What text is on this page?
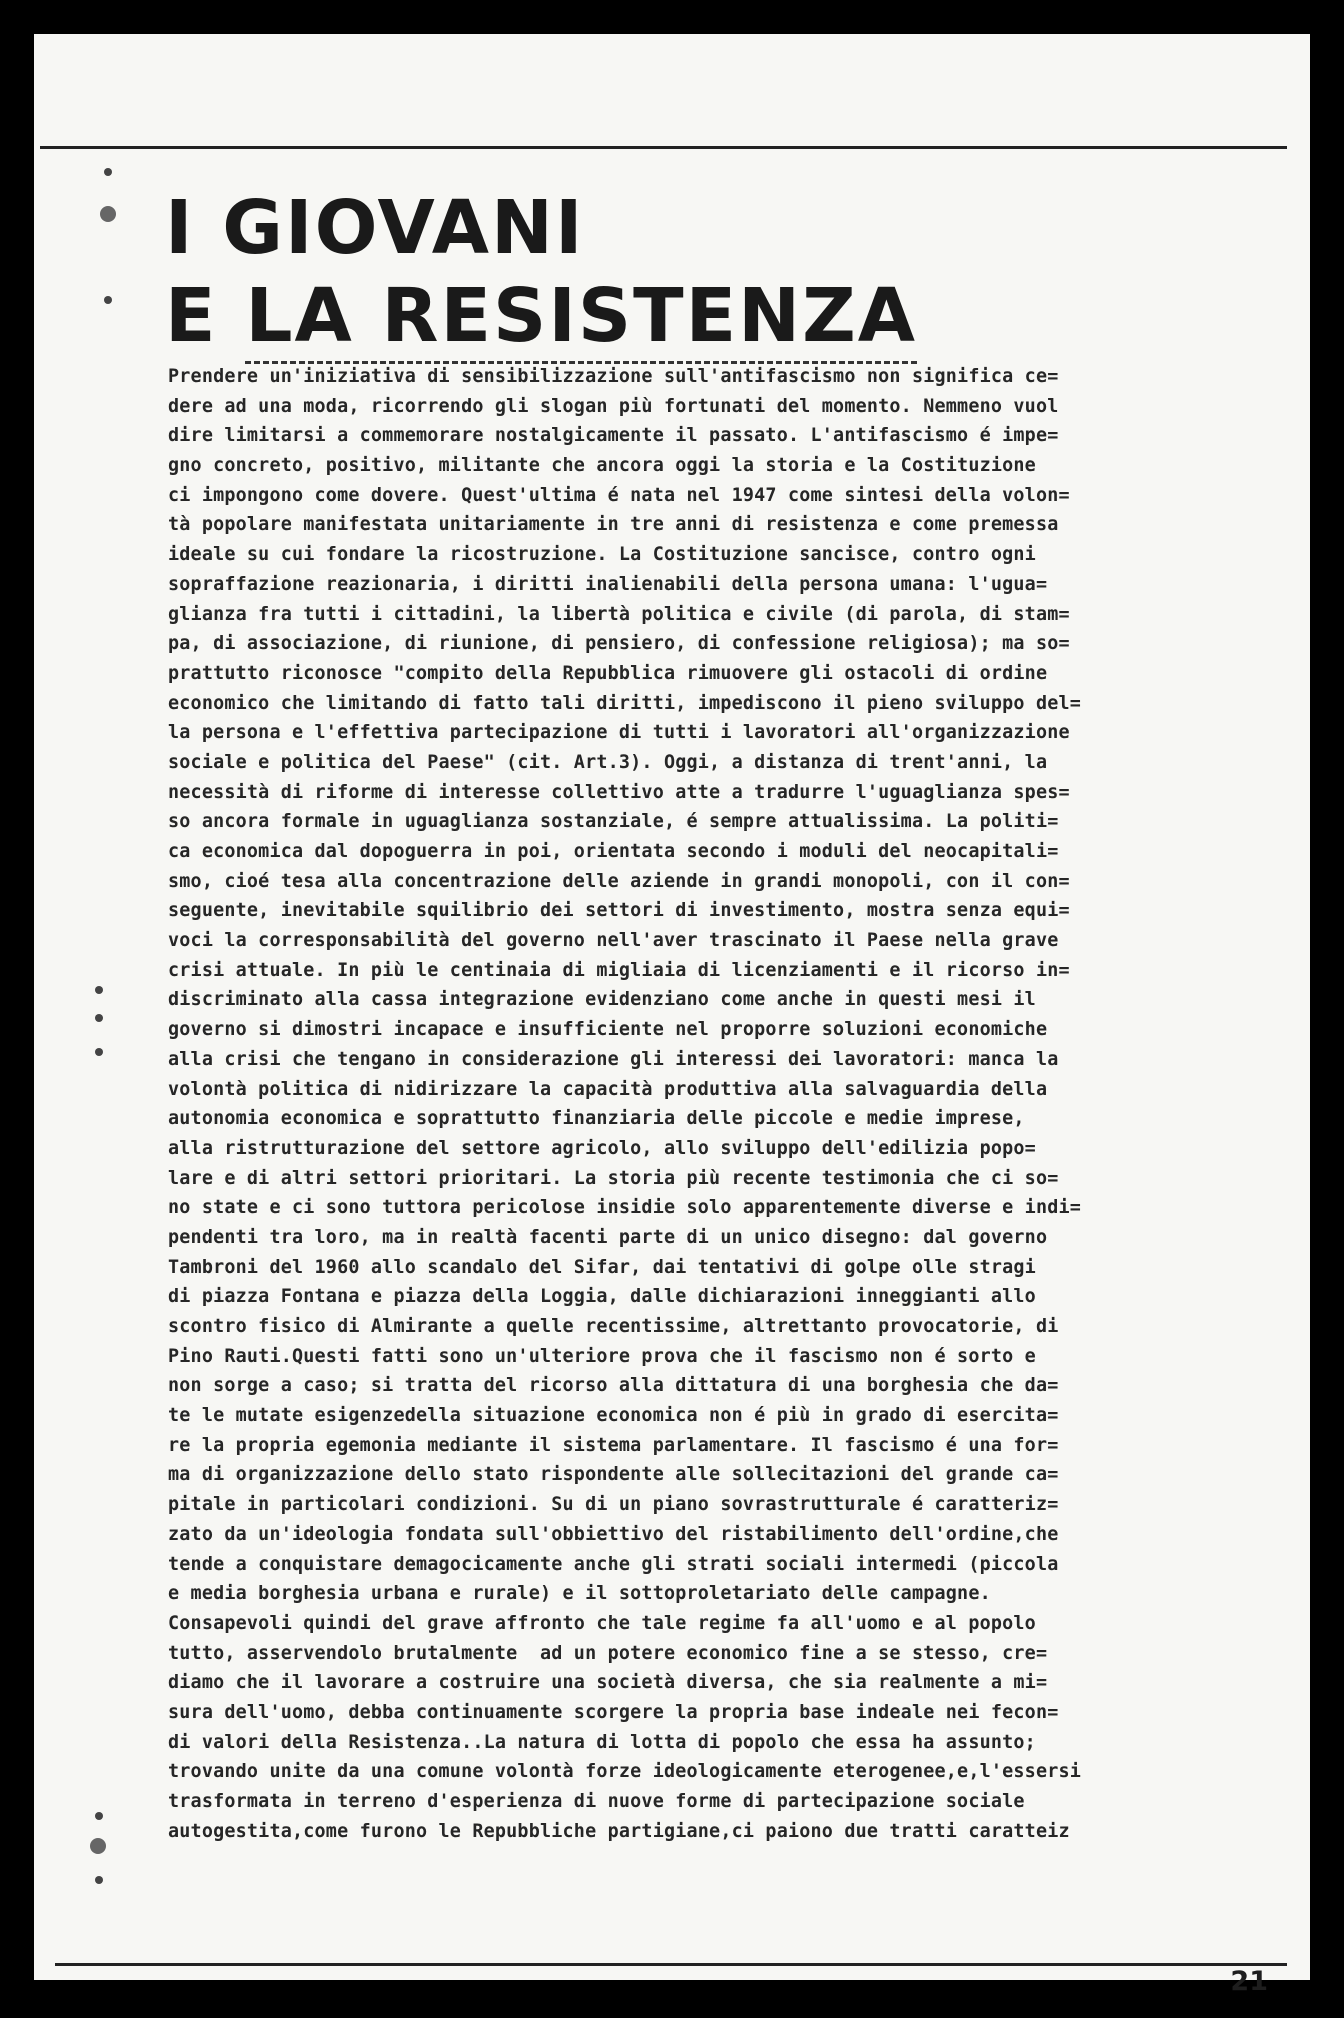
I GIOVANI
E LA RESISTENZA
Prendere un'iniziativa di sensibilizzazione sull'antifascismo non significa ce=
dere ad una moda, ricorrendo gli slogan più fortunati del momento. Nemmeno vuol
dire limitarsi a commemorare nostalgicamente il passato. L'antifascismo é impe=
gno concreto, positivo, militante che ancora oggi la storia e la Costituzione
ci impongono come dovere. Quest'ultima é nata nel 1947 come sintesi della volon=
tà popolare manifestata unitariamente in tre anni di resistenza e come premessa
ideale su cui fondare la ricostruzione. La Costituzione sancisce, contro ogni
sopraffazione reazionaria, i diritti inalienabili della persona umana: l'ugua=
glianza fra tutti i cittadini, la libertà politica e civile (di parola, di stam=
pa, di associazione, di riunione, di pensiero, di confessione religiosa); ma so=
prattutto riconosce "compito della Repubblica rimuovere gli ostacoli di ordine
economico che limitando di fatto tali diritti, impediscono il pieno sviluppo del=
la persona e l'effettiva partecipazione di tutti i lavoratori all'organizzazione
sociale e politica del Paese" (cit. Art.3). Oggi, a distanza di trent'anni, la
necessità di riforme di interesse collettivo atte a tradurre l'uguaglianza spes=
so ancora formale in uguaglianza sostanziale, é sempre attualissima. La politi=
ca economica dal dopoguerra in poi, orientata secondo i moduli del neocapitali=
smo, cioé tesa alla concentrazione delle aziende in grandi monopoli, con il con=
seguente, inevitabile squilibrio dei settori di investimento, mostra senza equi=
voci la corresponsabilità del governo nell'aver trascinato il Paese nella grave
crisi attuale. In più le centinaia di migliaia di licenziamenti e il ricorso in=
discriminato alla cassa integrazione evidenziano come anche in questi mesi il
governo si dimostri incapace e insufficiente nel proporre soluzioni economiche
alla crisi che tengano in considerazione gli interessi dei lavoratori: manca la
volontà politica di nidirizzare la capacità produttiva alla salvaguardia della
autonomia economica e soprattutto finanziaria delle piccole e medie imprese,
alla ristrutturazione del settore agricolo, allo sviluppo dell'edilizia popo=
lare e di altri settori prioritari. La storia più recente testimonia che ci so=
no state e ci sono tuttora pericolose insidie solo apparentemente diverse e indi=
pendenti tra loro, ma in realtà facenti parte di un unico disegno: dal governo
Tambroni del 1960 allo scandalo del Sifar, dai tentativi di golpe olle stragi
di piazza Fontana e piazza della Loggia, dalle dichiarazioni inneggianti allo
scontro fisico di Almirante a quelle recentissime, altrettanto provocatorie, di
Pino Rauti.Questi fatti sono un'ulteriore prova che il fascismo non é sorto e
non sorge a caso; si tratta del ricorso alla dittatura di una borghesia che da=
te le mutate esigenzedella situazione economica non é più in grado di esercita=
re la propria egemonia mediante il sistema parlamentare. Il fascismo é una for=
ma di organizzazione dello stato rispondente alle sollecitazioni del grande ca=
pitale in particolari condizioni. Su di un piano sovrastrutturale é caratteriz=
zato da un'ideologia fondata sull'obbiettivo del ristabilimento dell'ordine,che
tende a conquistare demagocicamente anche gli strati sociali intermedi (piccola
e media borghesia urbana e rurale) e il sottoproletariato delle campagne.
Consapevoli quindi del grave affronto che tale regime fa all'uomo e al popolo
tutto, asservendolo brutalmente  ad un potere economico fine a se stesso, cre=
diamo che il lavorare a costruire una società diversa, che sia realmente a mi=
sura dell'uomo, debba continuamente scorgere la propria base indeale nei fecon=
di valori della Resistenza..La natura di lotta di popolo che essa ha assunto;
trovando unite da una comune volontà forze ideologicamente eterogenee,e,l'essersi
trasformata in terreno d'esperienza di nuove forme di partecipazione sociale
autogestita,come furono le Repubbliche partigiane,ci paiono due tratti caratteiz
21
